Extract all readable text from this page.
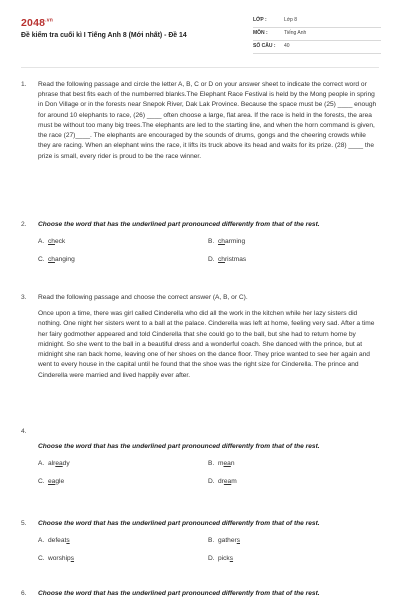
$2048^{.vn}$
Đề kiểm tra cuối kì I Tiếng Anh 8 (Mới nhất) - Đề 14
LỚP :	Lớp 8
MÔN :	Tiếng Anh
SỐ CÂU :	40
1. Read the following passage and circle the letter A, B, C or D on your answer sheet to indicate the correct word or phrase that best fits each of the numberred blanks.The Elephant Race Festival is held by the Mong people in spring in Don Village or in the forests near Snepok River, Dak Lak Province. Because the space must be (25) ____ enough for around 10 elephants to race, (26) ____ often choose a large, flat area. If the race is held in the forests, the area must be without too many big trees.The elephants are led to the starting line, and when the horn command is given, the race (27)____. The elephants are encouraged by the sounds of drums, gongs and the cheering crowds while they are racing. When an elephant wins the race, it lifts its truck above its head and waits for its prize. (28) ____ the prize is small, every rider is proud to be the race winner.
2. Choose the word that has the underlined part pronounced differently from that of the rest.
A. ch eck	B. ch arming
C. ch anging	D. ch ristmas
3. Read the following passage and choose the correct answer (A, B, or C).

Once upon a time, there was girl called Cinderella who did all the work in the kitchen while her lazy sisters did nothing. One night her sisters went to a ball at the palace. Cinderella was left at home, feeling very sad. After a time her fairy godmother appeared and told Cinderella that she could go to the ball, but she had to return home by midnight. So she went to the ball in a beautiful dress and a wonderful coach. She danced with the prince, but at midnight she ran back home, leaving one of her shoes on the dance floor. They price wanted to see her again and went to every house in the capital until he found that the shoe was the right size for Cinderella. The prince and Cinderella were married and lived happily ever after.

4.
Choose the word that has the underlined part pronounced differently from that of the rest.
A. alr ea dy	B. m ea n
C. ea gle	D. dr ea m
5. Choose the word that has the underlined part pronounced differently from that of the rest.
A. defeat s	B. gather s
C. worship s	D. pick s
6. Choose the word that has the underlined part pronounced differently from that of the rest.
